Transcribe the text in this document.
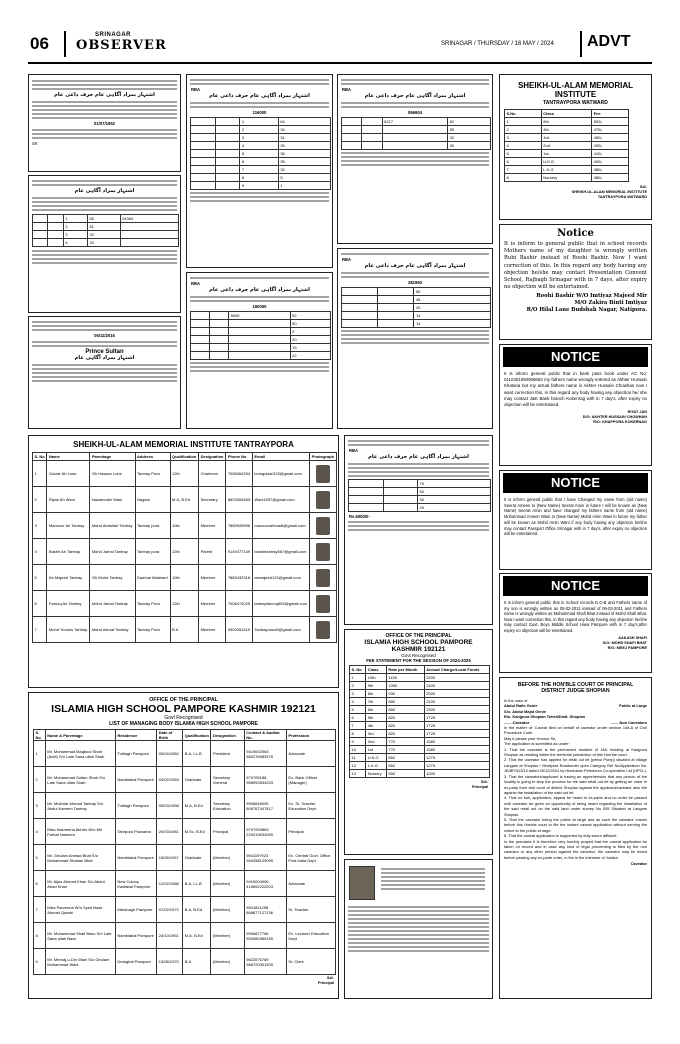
06	SRINAGAR
OBSERVER	SRINAGAR / THURSDAY / 16 MAY / 2024 ADVT
اشتہار بمراد آگاہی عام حرف داعی عام
01/07/1952
SK
اشتہار بمراد آگاہی عام
		1	65	24360
		2	61	
		3	22	
		4	20	
05/11/2016
Prince Sultan
اشتہار بمراد آگاہی عام
RBA
اشتہار بمراد آگاہی عام حرف داعی عام
116000
		1	64
		2	34
		3	31
		4	26
		5	36
		6	35
		7	32
		8	5
		9	1
RBA
اشتہار بمراد آگاہی عام حرف داعی عام
160000
		5000	52
			50
			2
			20
			15
			22
RBA
اشتہار بمراد آگاہی عام حرف داعی عام
556604
		6217	62
			59
			32
			30
RBA
اشتہار بمراد آگاہی عام حرف داعی عام
281960
		65
		48
		25
		14
		14
SHEIKH-UL-ALAM MEMORIAL INSTITUTE
TANTRAYPORA WATWARD
S.No	Class	Fee
1	5th	500/-
2	4th	470/-
3	3rd	450/-
4	2nd	430/-
5	1st	410/-
6	U.K.G	400/-
7	L.K.G	380/-
8	Nursery	380/-
Sd/-
SHEIKH-UL-ALAM MEMORIAL INSTITUTE
TANTRAYPORA WATWARD
Notice
It is inform to general public that in school records Mothers name of my daughter is wrongly written Rubi Bashir instead of Roohi Bashir. Now I want correction of this. In this regard any body having any objection he/she may contact Presentation Convent School, Rajbagh Srinagar with in 7 days, after expiry no objection will be entertained.
Roohi Bashir W/O Imtiyaz Majeed Mir
M/O Zakira Binti Imtiyaz
R/O Hilal Lane Budshah Nagar, Natipora.
NOTICE
It is inform general public that in bank pass book under AC No: 0110401050006663 my fathers name wrongly entered as Akhter Hussain Khatana but my actual fathers name is Akhter Hussain Chowhan now I want correction this, in this regard any body having any objection he/ she may contact J&K Bank branch Kokernag with in 7 day's, after expiry no objection will be entertained.
RIYAT JAN
D/O: AKHTER HUSSAIN CHOWHAN
R/O: KHAPPORA KOKERNAG
SHEIKH-UL-ALAM MEMORIAL INSTITUTE TANTRAYPORA
S. No	Name	Parentage	Address	Qualification	Designation	Phone No	Email	Photograph
1	Gulzar Ah Lone	Gh Hassan Lone	Tantray Pora	12th	Chairman	7006364394	lonegulzar313@gmail.com	

2	Riyaz Ah Wani	Nazamudin Wani	Nagam	M.A, B.Ed	Secretary	8825305463	Wani1537@gmail.com	

3	Manzoor Ah Tantray	Mohd Abdullah Tantray	Tantray pora	10th	Member	7889926596	manzoorahmadt@gmail.com	

4	Bashir Ah Tantray	Mohd Jamal Tantray	Tantray pora	12th	Parent	9149477149	bashirtantray567@gmail.com	

5	Ab Majeed Tantray	Gh Mohd Tantray	Damhal Watward	10th	Member	7889432318	abmajeed123@gmail.com	

6	Farooq Ah Tantray	Mohd Jamal Tantray	Tantray Pora	12th	Member	7006474025	tantrayfarooq653@gmail.com	

7	Mohd Younus Tantray	Mohd Ashraf Tantray	Tantray Pora	B.A	Member	9300351510	Tantrayunus5@gmail.com	
RBA
اشتہار بمراد آگاہی عام حرف داعی عام
		70
		50
		30
		29
Rs.60000/-
NOTICE
It is inform general public that I have Changed my name from (old name) Seerat Ameen to (New Name) Seerat Amin in future I will be known as (New Name) Seerat Amin and have changed my fathers name from (old name) Mohammad Ameen Wani to (New Name) Mohd Amin Wani in future my father will be known as Mohd Amin Wani if any body having any objection he/she may contact Passport Office Srinagar with in 7 day's, after expiry no objection will be entertained.
NOTICE
It is inform general public that in School records D.O.B and Fathers name of my son is wrongly written as 08-02-2011 instead of 06-03-2011 and Fathers name is wrongly written as Mohammad Shafi Bhat instead of Mohd Shafi Bhat. Now I want correction this, in this regard any body having any objection he/she may contact Govt. Boys Middle School Hiwa Pampore with in 7 day's,after expiry no objection will be entertained.
AAKASH SHAFI
S/O: MOHD SHAFI BHAT
R/O: MEEJ PAMPORE
OFFICE OF THE PRINCIPAL
ISLAMIA HIGH SCHOOL PAMPORE
KASHMIR 192121
Govt Recognised
FEE STATEMENT FOR THE SESSION OF 2024-2025
S. No	Class	Rate per Month	Annual Charge/Local Funds
1	10th	1150	2200
2	9th	1050	2400
3	8th	930	2000
4	7th	880	2100
5	6th	850	2300
6	5th	820	1725
7	4th	820	1725
8	3rd	820	1725
9	2nd	770	1580
10	1st	770	1580
11	U.K.G	660	1275
12	L.K.G	660	1275
13	Nursery	550	1000
Sd/-
Principal
BEFORE THE HON'BLE COURT OF PRINCIPAL
DISTRICT JUDGE SHOPIAN
In the case of
Abdul Rafie Genie	Public at Large
S/o. Abdul Majid Genie
R/o. Kanjpora Shopian Tehsil/Distt. Shopian
........Caveator	........Non Caveators
In the matter of: Caveat filed on behalf of caveator under section 148-A of Civil Procedure Code.
May it please your Honour Sir,
The application is submitted as under:
1. That the caveator is the permanent resident of J&K residing at Kanjpora Shopian as residing within the territorial jurisdiction of this Hon'ble court.
2. That the caveator has applied for retail out let (petrol Pump) situated at village Langam at Shopian / Hindipora Roadunder open Category Ref No/Application No. JK/BP/313/12 dated 25/12/2024 by Hindustan Petroleum Co-operation Ltd (HPCL).
3. That the caveators/applicant is having an apprehension that any person of the locality is going to stop the process for the said retail out let by getting an order in ex-party from civil court of district Shopian against the applicant/caveator also the against the installation of the said out let.
4. That no suit, application, appeal be heard in ex-parte and no order be passed until caveator be given an opportunity of being heard regarding the installation of the said retail out on the said land under survey No 539 Situated at Langam Shopian.
5. That the caveator being the public at large and as such the caveator craves before this Honble court to file the instant caveat application without serving the notice to the public at large.
6. That the caveat application is supported by duly sworn affidavit.
In the premises it is therefore very humbly prayed that the caveat application be taken on record and in case any kind of legal proceeding is filed by the non caveator or any other person against the caveator, the caveator may be heard before passing any ex-parte order, in the in the interests of Justice.
Caveator
OFFICE OF THE PRINCIPAL
ISLAMIA HIGH SCHOOL PAMPORE KASHMIR 192121
Govt Recognised
LIST OF MANAGING BODY ISLAMIA HIGH SCHOOL PAMPORE
S. No	Name & Parentage	Residence	Date of Birth	Qualification	Designation	Contact & Aadhar No.	Profession
1	Mr. Mohammad Maqbool Shah (Advt) S/o Late Sana ullah Shah	Tulbagh Pampore	05/04/1962	B.A, LL.B	President	9419002063 560276083978	Advocate
2	Mr. Mohammad Sultan Shah S/o Late Sana ullah Shah	Namblabal Pampore	04/02/1953	Graduate	Secretary General	979705188 958992834253	Ex. Bank Officer (Manager)
3	Mr. Mukhtar Ahmad Tantray S/o Abdul Kareem Tantray	Tulbagh Pampore	05/03/1958	M.A, B.Ed	Secretary Education	9906649005 606767447817	Ex. Sr. Teacher Education Dept.
4	Miss Nazneena Akhter W/o Mir Farhat Naseem	Tahrpora Pulwama	20/03/1981	M.Sc, B.Ed	Principal	9797993863 229219634059	Principal
5	Mr. Ghulam Ahmad Bhat S/o Mohammad Shaban Bhat	Namblabal Pampore	15/06/1947	Graduate	(Member)	9541197923 264258120099	Ex. Central Govt. Office Post India Dept
6	Mr. Aijaz Ahmad Khan S/o Abdul Ahad Khan	New Colony Kadlabal Pampore	12/02/1988	B.A, LL.B	(Member)	9419004906 415692222203	Advocate
7	Miss Parveena W/o Syed Nazir Ahmad Qaadri	Marshagh Pampore	07/02/1972	B.A, B.Ed	(Member)	9541811296 868877127136	Sr. Teacher
8	Mr. Mohammad Shafi Bazu S/o Late Sana ullah Bazu	Namblabal Pampore	24/10/1951	M.A, B.Ed	(Member)	9906877766 900080389155	Ex. Lecturer Education Dept
9	Mr. Mehraj-u-Din Wani S/o Ghulam Mohammad Wani	Drangbal Pampore	13/06/1970	B.A	(Member)	9622576769 966720301309	Sr. Clerk
Sd/-
Principal
